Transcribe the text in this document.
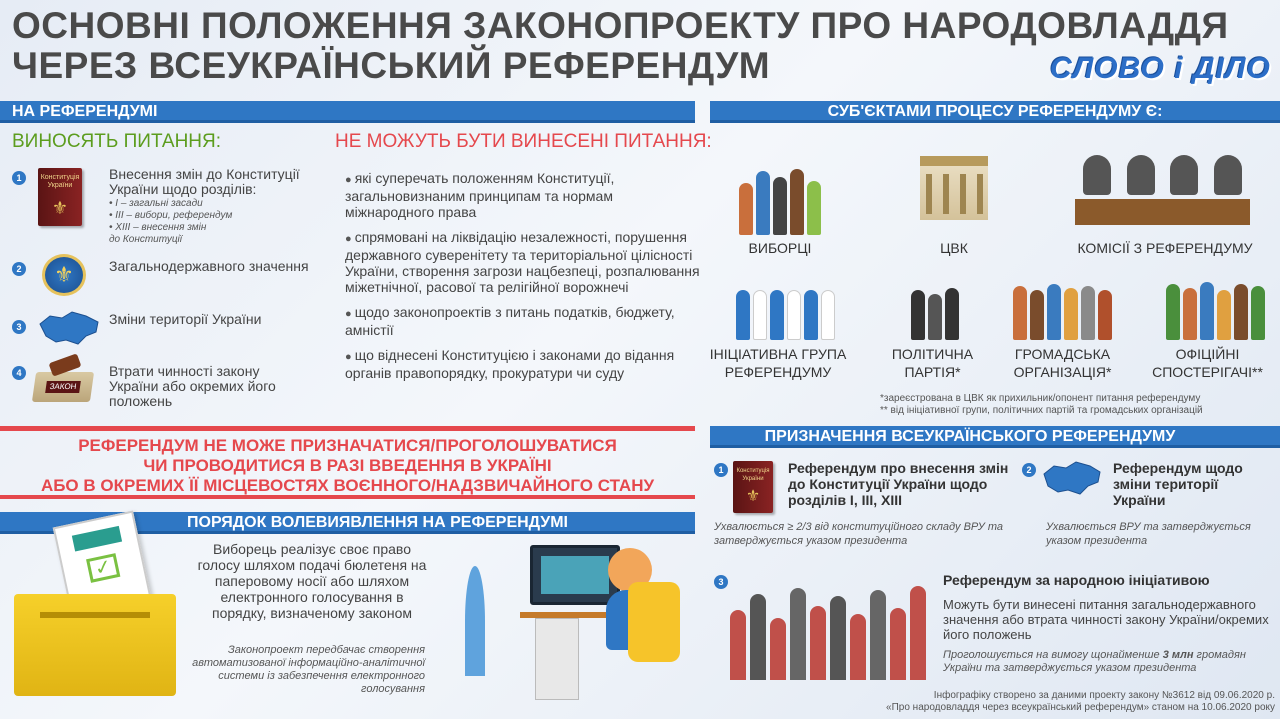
ОСНОВНІ ПОЛОЖЕННЯ ЗАКОНОПРОЕКТУ ПРО НАРОДОВЛАДДЯ
ЧЕРЕЗ ВСЕУКРАЇНСЬКИЙ РЕФЕРЕНДУМ	СЛОВО і ДІЛО
НА РЕФЕРЕНДУМІ
ВИНОСЯТЬ ПИТАННЯ:	НЕ МОЖУТЬ БУТИ ВИНЕСЕНІ ПИТАННЯ:
1	Конституція України
⚜
Внесення змін до Конституції України щодо розділів:
• І – загальні засади
• ІІІ – вибори, референдум
• ХІІІ – внесення змін
до Конституції
2	⚜	Загальнодержавного значення
3	Зміни території України
4
ЗАКОН
Втрати чинності закону України або окремих його положень
● які суперечать положенням Конституції, загальновизнаним принципам та нормам міжнародного права
● спрямовані на ліквідацію незалежності, порушення державного суверенітету та територіальної цілісності України, створення загрози нацбезпеці, розпалювання міжетнічної, расової та релігійної ворожнечі
● щодо законопроектів з питань податків, бюджету, амністії
● що віднесені Конституцією і законами до відання органів правопорядку, прокуратури чи суду
РЕФЕРЕНДУМ НЕ МОЖЕ ПРИЗНАЧАТИСЯ/ПРОГОЛОШУВАТИСЯ
ЧИ ПРОВОДИТИСЯ В РАЗІ ВВЕДЕННЯ В УКРАЇНІ
АБО В ОКРЕМИХ ЇЇ МІСЦЕВОСТЯХ ВОЄННОГО/НАДЗВИЧАЙНОГО СТАНУ
ПОРЯДОК ВОЛЕВИЯВЛЕННЯ НА РЕФЕРЕНДУМІ
✓
Виборець реалізує своє право голосу шляхом подачі бюлетеня на паперовому носії або шляхом електронного голосування в порядку, визначеному законом
Законопроект передбачає створення автоматизованої інформаційно-аналітичної системи із забезпечення електронного голосування
СУБ'ЄКТАМИ ПРОЦЕСУ РЕФЕРЕНДУМУ Є:
ВИБОРЦІ	ЦВК	КОМІСІЇ З РЕФЕРЕНДУМУ
ІНІЦІАТИВНА ГРУПА РЕФЕРЕНДУМУ
ПОЛІТИЧНА ПАРТІЯ*
ГРОМАДСЬКА ОРГАНІЗАЦІЯ*
ОФІЦІЙНІ СПОСТЕРІГАЧІ**
*зареєстрована в ЦВК як прихильник/опонент питання референдуму
** від ініціативної групи, політичних партій та громадських організацій
ПРИЗНАЧЕННЯ ВСЕУКРАЇНСЬКОГО РЕФЕРЕНДУМУ
1	Конституція України
⚜
Референдум про внесення змін до Конституції України щодо розділів І, ІІІ, ХІІІ
Ухвалюється ≥ 2/3 від конституційного складу ВРУ та затверджується указом президента
2	Референдум щодо зміни території України
Ухвалюється ВРУ та затверджується указом президента
3	Референдум за народною ініціативою
Можуть бути винесені питання загальнодержавного значення або втрата чинності закону України/окремих його положень
Проголошується на вимогу щонайменше 3 млн громадян України та затверджується указом президента
Інфографіку створено за даними проекту закону №3612 від 09.06.2020 р.
«Про народовладдя через всеукраїнський референдум» станом на 10.06.2020 року
